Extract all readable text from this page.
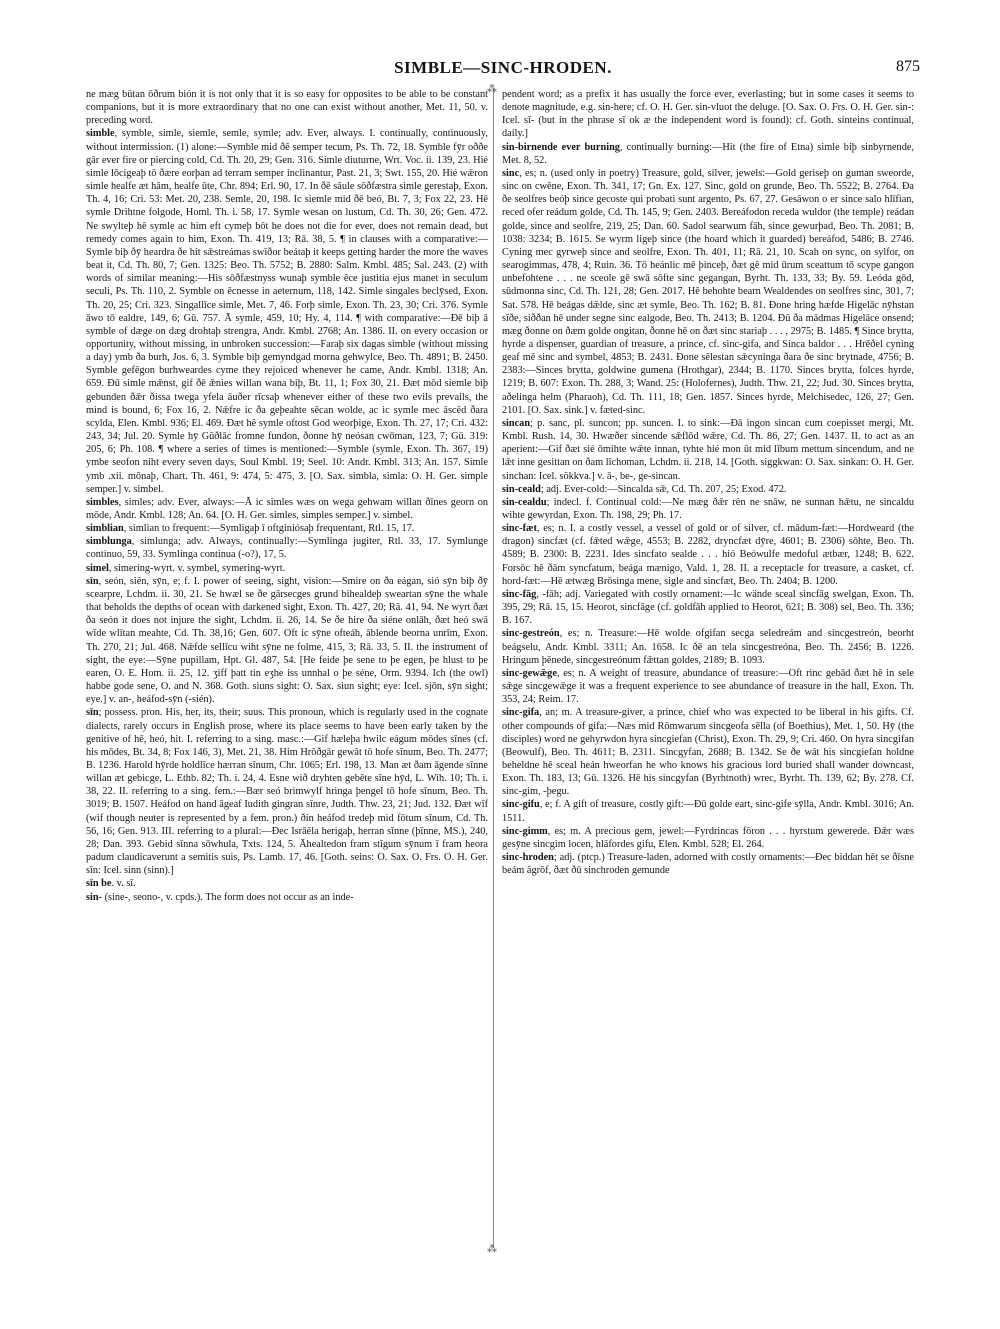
SIMBLE—SINC-HRODEN.	875
⁂
⁂

ne mæg būtan ōðrum bión it is not only that it is so easy for opposites to be able to be constant companions, but it is more extraordinary that no one can exist without another, Met. 11, 50. v. preceding word.

simble, symble, simle, siemle, semle, symle; adv. Ever, always. I. continually, continuously, without intermission. (1) alone:—Symble mid ðē semper tecum, Ps. Th. 72, 18. Symble fȳr oððe gār ever fire or piercing cold, Cd. Th. 20, 29; Gen. 316. Simle diuturne, Wrt. Voc. ii. 139, 23. Hié simle lōcigeaþ tō ðære eorþan ad terram semper inclinantur, Past. 21, 3; Swt. 155, 20. Hié wǣron simle healfe æt hām, healfe ūte, Chr. 894; Erl. 90, 17. In ðē sāule sōðfæstra simle gerestaþ, Exon. Th. 4, 16; Cri. 53: Met. 20, 238. Semle, 20, 198. Ic siemle mid ðē beó, Bt. 7, 3; Fox 22, 23. Hē symle Drihtne folgode, Homl. Th. i. 58, 17. Symle wesan on lustum, Cd. Th. 30, 26; Gen. 472. Ne swylteþ hē symle ac him eft cymeþ bōt he does not die for ever, does not remain dead, but remedy comes again to him, Exon. Th. 419, 13; Rā. 38, 5. ¶ in clauses with a comparative:—Symle biþ ðȳ heardra ðe hit sǣstreámas swīðor beátaþ it keeps getting harder the more the waves beat it, Cd. Th. 80, 7; Gen. 1325: Beo. Th. 5752; B. 2880: Salm. Kmbl. 485; Sal. 243. (2) with words of similar meaning:—His sōðfæstnyss wunaþ symble ēce justitia ejus manet in seculum seculi, Ps. Th. 110, 2. Symble on ēcnesse in aeternum, 118, 142. Simle singales beclȳsed, Exon. Th. 20, 25; Cri. 323. Singallīce simle, Met. 7, 46. Forþ simle, Exon. Th. 23, 30; Cri. 376. Symle āwo tō ealdre, 149, 6; Gū. 757. Ā symle, 459, 10; Hy. 4, 114. ¶ with comparative:—Ðē biþ ā symble of dæge on dæg drohtaþ strengra, Andr. Kmbl. 2768; An. 1386. II. on every occasion or opportunity, without missing, in unbroken succession:—Faraþ six dagas simble (without missing a day) ymb ða burh, Jos. 6, 3. Symble biþ gemyndgad morna gehwylce, Beo. Th. 4891; B. 2450. Symble gefēgon burhweardes cyme they rejoiced whenever he came, Andr. Kmbl. 1318; An. 659. Ðū simle mǣnst, gif ðē ǣnies willan wana biþ, Bt. 11, 1; Fox 30, 21. Ðæt mōd siemle biþ gebunden ðǣr ðissa twega yfela āuðer rīcsaþ whenever either of these two evils prevails, the mind is bound, 6; Fox 16, 2. Nǣfre ic ða geþeahte sēcan wolde, ac ic symle mec āscēd ðara scylda, Elen. Kmbl. 936; El. 469. Ðæt hē symle oftost God weorþige, Exon. Th. 27, 17; Cri. 432: 243, 34; Jul. 20. Symle hȳ Gūðlāc fromne fundon, ðonne hȳ neósan cwōman, 123, 7; Gū. 319: 205, 6; Ph. 108. ¶ where a series of times is mentioned:—Symble (symle, Exon. Th. 367, 19) ymbe seofon niht every seven days, Soul Kmbl. 19; Seel. 10: Andr. Kmbl. 313; An. 157. Simle ymb .xii. mōnaþ, Chart. Th. 461, 9: 474, 5: 475, 3. [O. Sax. simbla, simla: O. H. Ger. simple semper.] v. simbel.

simbles, simles; adv. Ever, always:—Ā ic simles wæs on wega gehwam willan ðīnes georn on mōde, Andr. Kmbl. 128; An. 64. [O. H. Ger. simles, simples semper.] v. simbel.

simblian, simlian to frequent:—Symligaþ ī oftginiósaþ frequentant, Rtl. 15, 17.

simblunga, simlunga; adv. Always, continually:—Symlinga jugiter, Rtl. 33, 17. Symlunge continuo, 59, 33. Symlinga continua (-o?), 17, 5.

simel, simering-wyrt. v. symbel, symering-wyrt.

sīn, seón, siēn, sȳn, e; f. I. power of seeing, sight, vision:—Smire on ða eágan, sió sȳn biþ ðȳ scearpre, Lchdm. ii. 30, 21. Se hwæl se ðe gārsecges grund bihealdeþ sweartan sȳne the whale that beholds the depths of ocean with darkened sight, Exon. Th. 427, 20; Rā. 41, 94. Ne wyrt ðæt ða seón it does not injure the sight, Lchdm. ii. 26, 14. Se ðe hire ða siéne onlāh, ðæt heó swā wīde wlītan meahte, Cd. Th. 38,16; Gen. 607. Oft ic sȳne ofteáh, āblende beorna unrīm, Exon. Th. 270, 21; Jul. 468. Nǣfde sellīcu wiht sȳne ne folme, 415, 3; Rā. 33, 5. II. the instrument of sight, the eye:—Sȳne pupillam, Hpt. Gl. 487, 54. [He feide þe sene to þe egen, þe hlust to þe earen, O. E. Hom. ii. 25, 12. ʒiff þatt tin eʒhe iss unnhal o þe séne, Orm. 9394. Ich (the owl) habbe gode sene, O. and N. 368. Goth. siuns sight: O. Sax. siun sight; eye: Icel. sjōn, sȳn sight; eye.] v. an-, heáfod-sȳn (-sién).

sīn; possess. pron. His, her, its, their; suus. This pronoun, which is regularly used in the cognate dialects, rarely occurs in English prose, where its place seems to have been early taken by the genitive of hē, heó, hit. I. referring to a sing. masc.:—Gif hæleþa hwilc eágum mōdes sīnes (cf. his mōdes, Bt. 34, 8; Fox 146, 3), Met. 21, 38. Him Hrōðgār gewāt tō hofe sīnum, Beo. Th. 2477; B. 1236. Harold hȳrde holdlīce hærran sīnum, Chr. 1065; Erl. 198, 13. Man æt ðam āgende sīnne willan æt gebicge, L. Ethb. 82; Th. i. 24, 4. Esne wið dryhten gebēte sīne hȳd, L. Wih. 10; Th. i. 38, 22. II. referring to a sing. fem.:—Bær seó brimwylf hringa þengel tō hofe sīnum, Beo. Th. 3019; B. 1507. Heáfod on hand āgeaf Iudith gingran sīnre, Judth. Thw. 23, 21; Jud. 132. Ðæt wīf (wif though neuter is represented by a fem. pron.) ðin heáfod tredeþ mid fōtum sīnum, Cd. Th. 56, 16; Gen. 913. III. referring to a plural:—Ðec Isrāēla herigaþ, herran sīnne (þīnne, MS.), 240, 28; Dan. 393. Gebid sīnna sōwhula, Txts. 124, 5. Āhealtedon fram stīgum sȳnum ī fram heora padum claudicaverunt a semitis suis, Ps. Lamb. 17, 46. [Goth. seins: O. Sax. O. Frs. O. H. Ger. sīn: Icel. sinn (sinn).]

sīn be. v. sī.

sin- (sine-, seono-, v. cpds.). The form does not occur as an inde-

pendent word; as a prefix it has usually the force ever, everlasting; but in some cases it seems to denote magnitude, e.g. sin-here; cf. O. H. Ger. sin-vluot the deluge. [O. Sax. O. Frs. O. H. Ger. sin-: Icel. sī- (but in the phrase sī ok æ the independent word is found): cf. Goth. sinteins continual, daily.]

sin-birnende ever burning, continually burning:—Hit (the fire of Etna) simle biþ sinbyrnende, Met. 8, 52.

sinc, es; n. (used only in poetry) Treasure, gold, silver, jewels:—Gold gerisеþ on guman sweorde, sinc on cwēne, Exon. Th. 341, 17; Gn. Ex. 127. Sinc, gold on grunde, Beo. Th. 5522; B. 2764. Ða ðe seolfres beóþ since gecoste qui probati sunt argento, Ps. 67, 27. Gesāwon o er since salo hlīfian, reced ofer reádum golde, Cd. Th. 145, 9; Gen. 2403. Bereáfodon receda wuldor (the temple) reádan golde, since and seolfre, 219, 25; Dan. 60. Sadol searwum fāh, since gewurþad, Beo. Th. 2081; B. 1038: 3234; B. 1615. Se wyrm ligeþ since (the hoard which it guarded) bereáfod, 5486; B. 2746. Cyning mec gyrweþ since and seolfre, Exon. Th. 401, 11; Rā. 21, 10. Scah on sync, on sylfor, on searogimmas, 478, 4; Ruin. 36. Tō heánlic mē þinceþ, ðæt gē mid ūrum sceattum tō scype gangon unbefohtene . . . ne sceole gē swā sōfte sinc gegangan, Byrht. Th. 133, 33; By. 59. Leóda gōd, sūdmonna sinc, Cd. Th. 121, 28; Gen. 2017. Hē behohte bearn Wealdendes on seolfres sinc, 301, 7; Sat. 578. Hē beágas dǣlde, sinc æt symle, Beo. Th. 162; B. 81. Ðone hring hæfde Higelāc nȳhstan sīðe, siððan hē under segne sinc ealgode, Beo. Th. 2413; B. 1204. Ðū ða mādmas Higelāce onsend; mæg ðonne on ðæm golde ongitan, ðonne hē on ðæt sinc stariaþ . . . , 2975; B. 1485. ¶ Since brytta, hyrde a dispenser, guardian of treasure, a prince, cf. sinc-gifa, and Sinca baldor . . . Hrēðel cyning geaf mē sinc and symbel, 4853; B. 2431. Ðone sēlestan sǣcyninga ðara ðe sinc brytnade, 4756; B. 2383:—Sinces brytta, goldwine gumena (Hrothgar), 2344; B. 1170. Sinces brytta, folces hyrde, 1219; B. 607: Exon. Th. 288, 3; Wand. 25: (Holofernes), Judth. Thw. 21, 22; Jud. 30. Sinces brytta, aðelinga helm (Pharaoh), Cd. Th. 111, 18; Gen. 1857. Sinces hyrde, Melchisedec, 126, 27; Gen. 2101. [O. Sax. sink.] v. fæted-sinc.

sincan; p. sanc, pl. suncon; pp. suncen. I. to sink:—Ðā ingon sincan cum coepisset mergi, Mt. Kmbl. Rush. 14, 30. Hwæðer sincende sǣflōd wǣre, Cd. Th. 86, 27; Gen. 1437. II. to act as an aperient:—Gif ðæt sié ōmihte wǣte innan, tyhte hié mon ūt mid lībum mettum sincendum, and ne lǣt inne gesittan on ðam līchoman, Lchdm. ii. 218, 14. [Goth. siggkwan: O. Sax. sinkan: O. H. Ger. sinchan: Icel. sökkva.] v. ā-, be-, ge-sincan.

sin-ceald; adj. Ever-cold:—Sincalda sǣ, Cd. Th. 207, 25; Exod. 472.

sin-cealdu; indecl. f. Continual cold:—Ne mæg ðǣr rēn ne snāw, ne sunnan hǣtu, ne sincaldu wihte gewyrdan, Exon. Th. 198, 29; Ph. 17.

sinc-fæt, es; n. I. a costly vessel, a vessel of gold or of silver, cf. mādum-fæt:—Hordweard (the dragon) sincfæt (cf. fǣted wǣge, 4553; B. 2282, dryncfæt dȳre, 4601; B. 2306) sōhte, Beo. Th. 4589; B. 2300: B. 2231. Ides sincfato sealde . . . hió Beówulfe medoful ætbær, 1248; B. 622. Forsōc hē ðām syncfatum, beága mænigo, Vald. 1, 28. II. a receptacle for treasure, a casket, cf. hord-fæt:—Hē ætwæg Brōsinga mene, sigle and sincfæt, Beo. Th. 2404; B. 1200.

sinc-fāg, -fāh; adj. Variegated with costly ornament:—Ic wände sceal sincfāg swelgan, Exon. Th. 395, 29; Rā. 15, 15. Heorot, sincfāge (cf. goldfāh applied to Heorot, 621; B. 308) sel, Beo. Th. 336; B. 167.

sinc-gestreón, es; n. Treasure:—Hē wolde ofgifan secga seledreám and sincgestreón, beorht beágselu, Andr. Kmbl. 3311; An. 1658. Ic ðē an tela sincgestreóna, Beo. Th. 2456; B. 1226. Hringum þēnede, sincgestreónum fǣttan goldes, 2189; B. 1093.

sinc-gewǣge, es; n. A weight of treasure, abundance of treasure:—Oft rinc gebād ðæt hē in sele sǣge sincgewǣge it was a frequent experience to see abundance of treasure in the hall, Exon. Th. 353, 24; Reim. 17.

sinc-gifa, an; m. A treasure-giver, a prince, chief who was expected to be liberal in his gifts. Cf. other compounds of gifa:—Næs mid Rōmwarum sincgeofa sēlla (of Boethius), Met. 1, 50. Hȳ (the disciples) word ne gehyrwdon hyra sincgiefan (Christ), Exon. Th. 29, 9; Cri. 460. On hyra sincgifan (Beowulf), Beo. Th. 4611; B. 2311. Sincgyfan, 2688; B. 1342. Se ðe wāt his sincgiefan holdne beheldne hē sceal heán hweorfan he who knows his gracious lord buried shall wander downcast, Exon. Th. 183, 13; Gū. 1326. Hē his sincgyfan (Byrhtnoth) wrec, Byrht. Th. 139, 62; By. 278. Cf. sinc-gim, -þegu.

sinc-gifu, e; f. A gift of treasure, costly gift:—Ðū golde eart, sinc-gife sȳlla, Andr. Kmbl. 3016; An. 1511.

sinc-gimm, es; m. A precious gem, jewel:—Fyrdrincas fōron . . . hyrstum gewerede. Ðǣr wæs gesȳne sincgim locen, hlāfordes gifu, Elen. Kmbl. 528; El. 264.

sinc-hroden; adj. (ptcp.) Treasure-laden, adorned with costly ornaments:—Ðec biddan hēt se ðīsne beám āgrōf, ðæt ðū sinchroden gemunde
